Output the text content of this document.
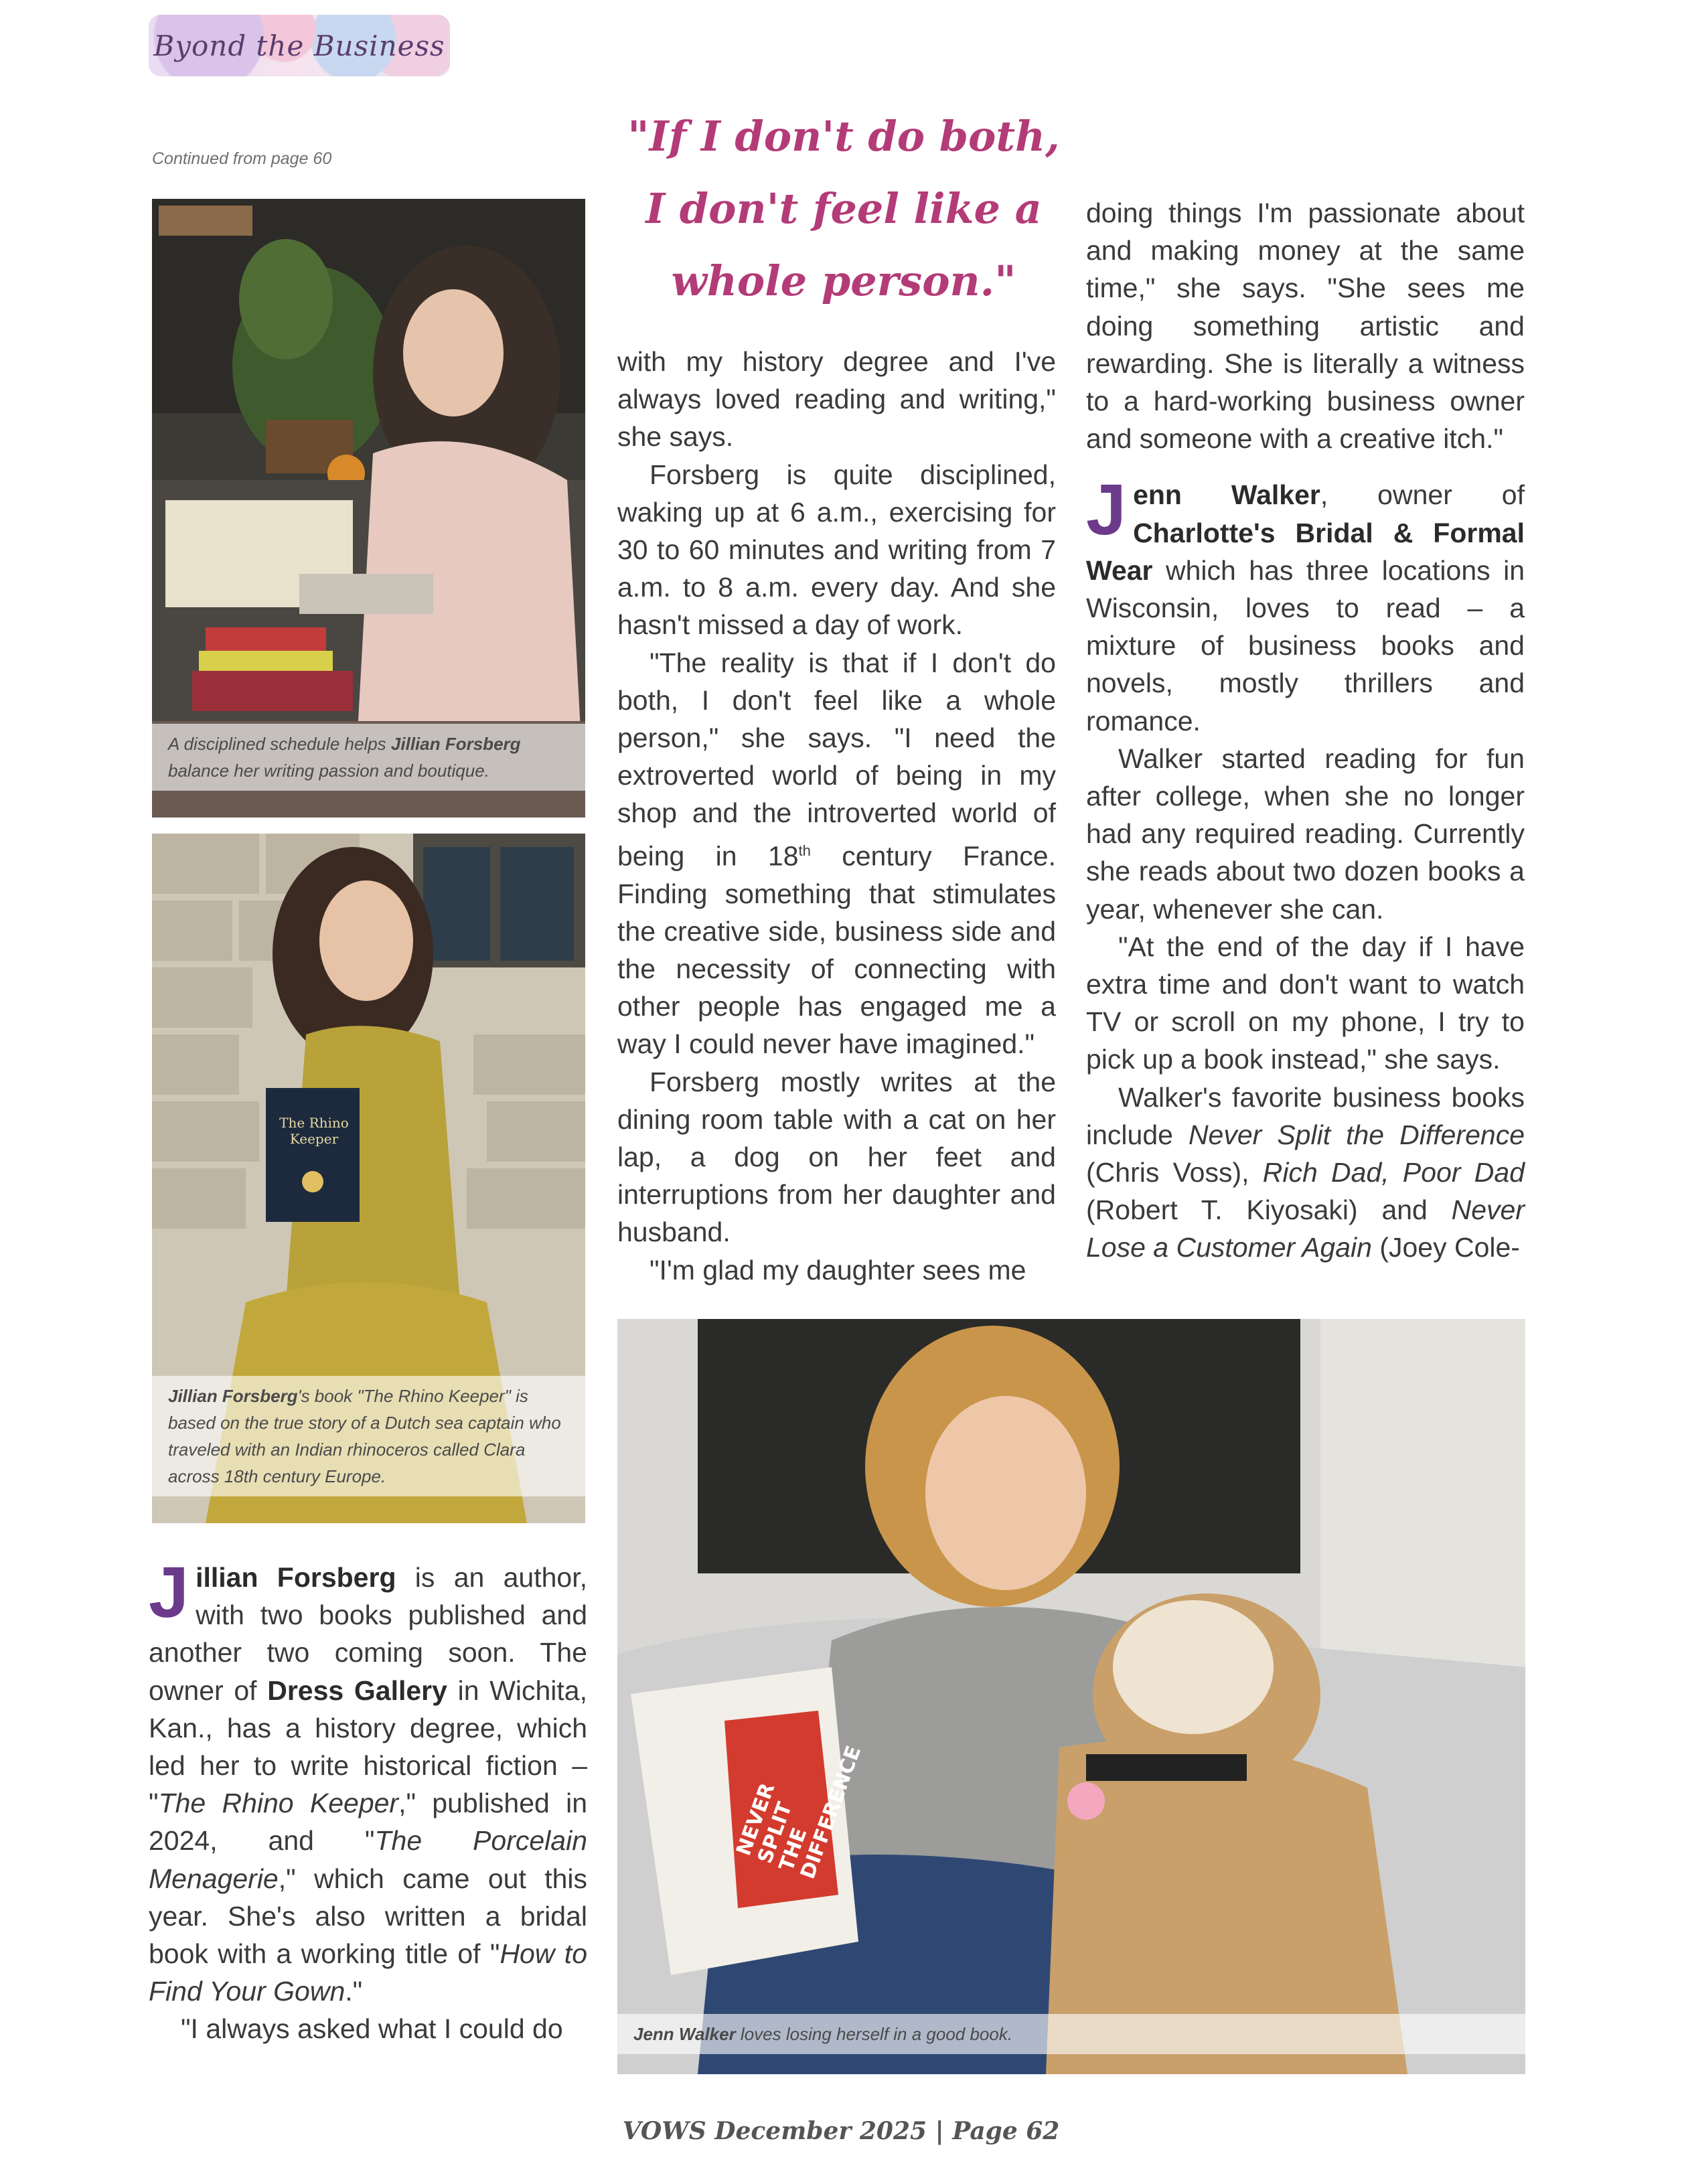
Byond the Business
Continued from page 60	"If I don't do both, I don't feel like a whole person."
A disciplined schedule helps Jillian Forsberg balance her writing passion and boutique.
The Rhino Keeper
Jillian Forsberg's book "The Rhino Keeper" is based on the true story of a Dutch sea captain who traveled with an Indian rhinoceros called Clara across 18th century Europe.
NEVER SPLIT THE DIFFERENCE
Jenn Walker loves losing herself in a good book.

Jillian Forsberg is an author, with two books published and another two coming soon. The owner of Dress Gallery in Wichita, Kan., has a history degree, which led her to write historical fiction – "The Rhino Keeper," published in 2024, and "The Porcelain Menagerie," which came out this year. She's also written a bridal book with a working title of "How to Find Your Gown."

"I always asked what I could do

with my history degree and I've always loved reading and writing," she says.

Forsberg is quite disciplined, waking up at 6 a.m., exercising for 30 to 60 minutes and writing from 7 a.m. to 8 a.m. every day. And she hasn't missed a day of work.

"The reality is that if I don't do both, I don't feel like a whole person," she says. "I need the extroverted world of being in my shop and the introverted world of being in 18th century France. Finding something that stimulates the creative side, business side and the necessity of connecting with other people has engaged me a way I could never have imagined."

Forsberg mostly writes at the dining room table with a cat on her lap, a dog on her feet and interruptions from her daughter and husband.

"I'm glad my daughter sees me

doing things I'm passionate about and making money at the same time," she says. "She sees me doing something artistic and rewarding. She is literally a witness to a hard-working business owner and someone with a creative itch."

Jenn Walker, owner of Charlotte's Bridal & Formal Wear which has three locations in Wisconsin, loves to read – a mixture of business books and novels, mostly thrillers and romance.

Walker started reading for fun after college, when she no longer had any required reading. Currently she reads about two dozen books a year, whenever she can.

"At the end of the day if I have extra time and don't want to watch TV or scroll on my phone, I try to pick up a book instead," she says.

Walker's favorite business books include Never Split the Difference (Chris Voss), Rich Dad, Poor Dad (Robert T. Kiyosaki) and Never Lose a Customer Again (Joey Cole-

VOWS December 2025 | Page 62
